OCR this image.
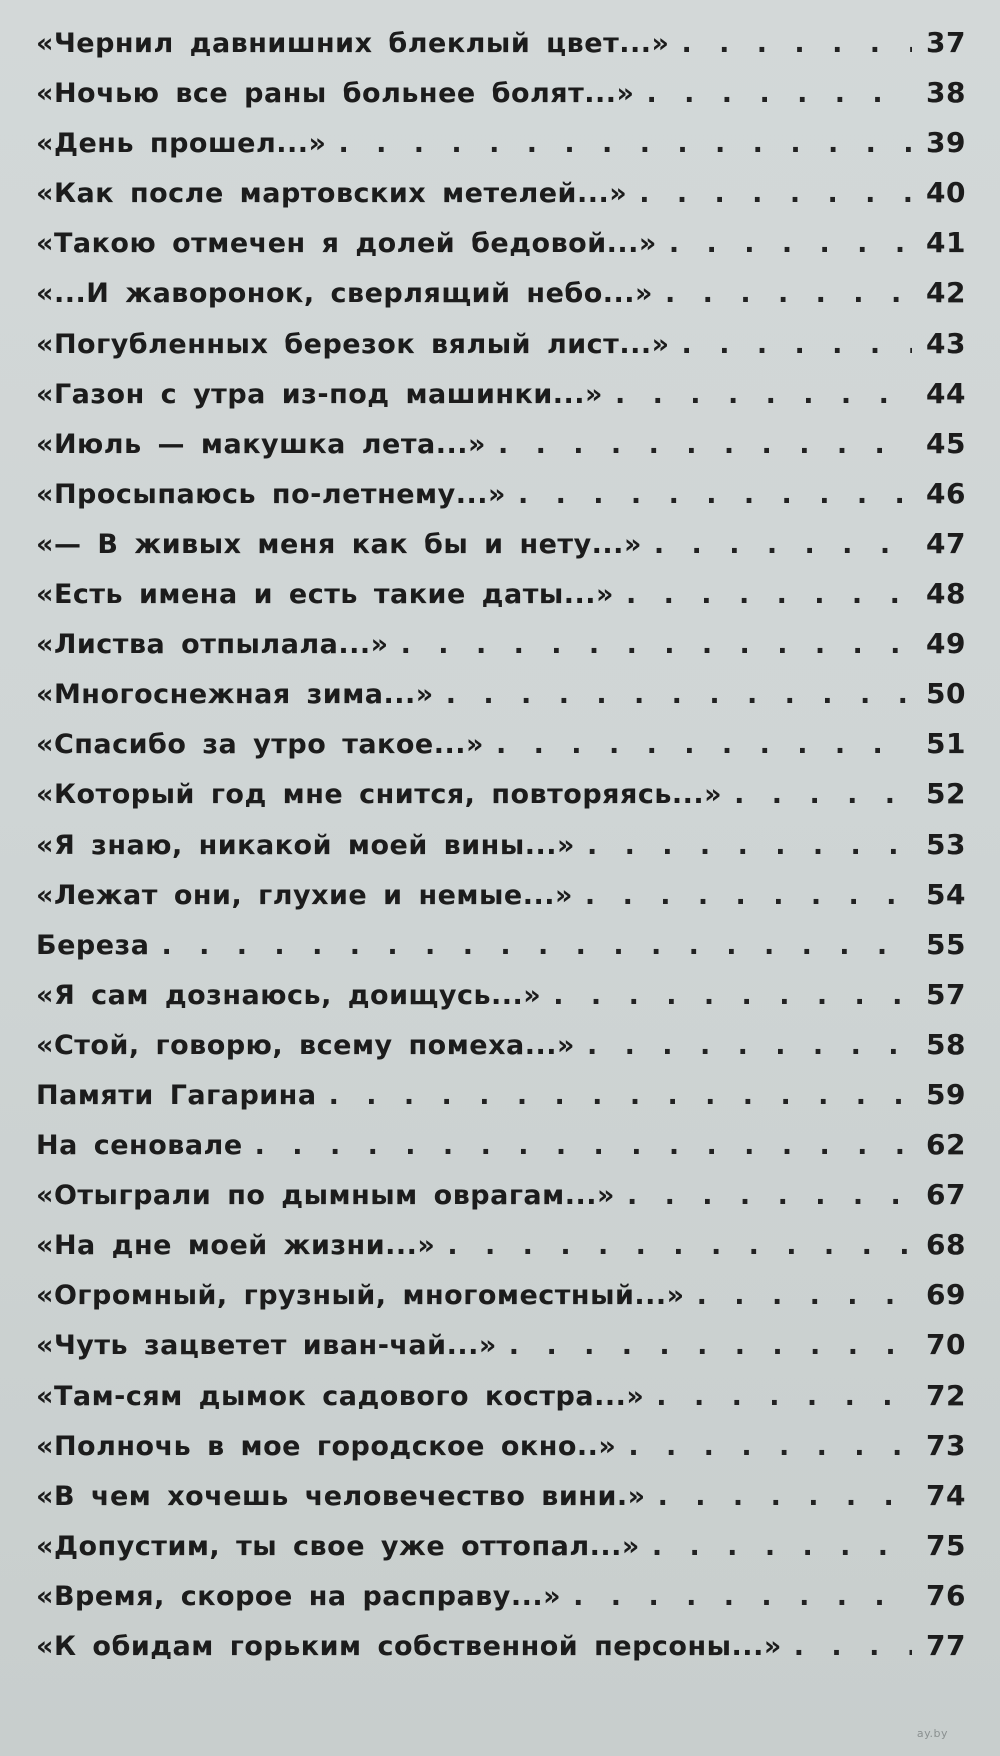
«Чернил давнишних блеклый цвет...» . . .	37
«Ночью все раны больнее болят...» . . .	38
«День прошел...» . . .	39
«Как после мартовских метелей...» . . .	40
«Такою отмечен я долей бедовой...» . . .	41
«...И жаворонок, сверлящий небо...» . . .	42
«Погубленных березок вялый лист...» . . .	43
«Газон с утра из-под машинки...» . . .	44
«Июль — макушка лета...» . . .	45
«Просыпаюсь по-летнему...» . . .	46
«— В живых меня как бы и нету...» . . .	47
«Есть имена и есть такие даты...» . . .	48
«Листва отпылала...» . . .	49
«Многоснежная зима...» . . .	50
«Спасибо за утро такое...» . . .	51
«Который год мне снится, повторяясь...» . . .	52
«Я знаю, никакой моей вины...» . . .	53
«Лежат они, глухие и немые...» . . .	54
Береза . . .	55
«Я сам дознаюсь, доищусь...» . . .	57
«Стой, говорю, всему помеха...» . . .	58
Памяти Гагарина . . .	59
На сеновале . . .	62
«Отыграли по дымным оврагам...» . . .	67
«На дне моей жизни...» . . .	68
«Огромный, грузный, многоместный...» . . .	69
«Чуть зацветет иван-чай...» . . .	70
«Там-сям дымок садового костра...» . . .	72
«Полночь в мое городское окно..» . . .	73
«В чем хочешь человечество вини.» . . .	74
«Допустим, ты свое уже оттопал...» . . .	75
«Время, скорое на расправу...» . . .	76
«К обидам горьким собственной персоны...» . . .	77
ay.by
